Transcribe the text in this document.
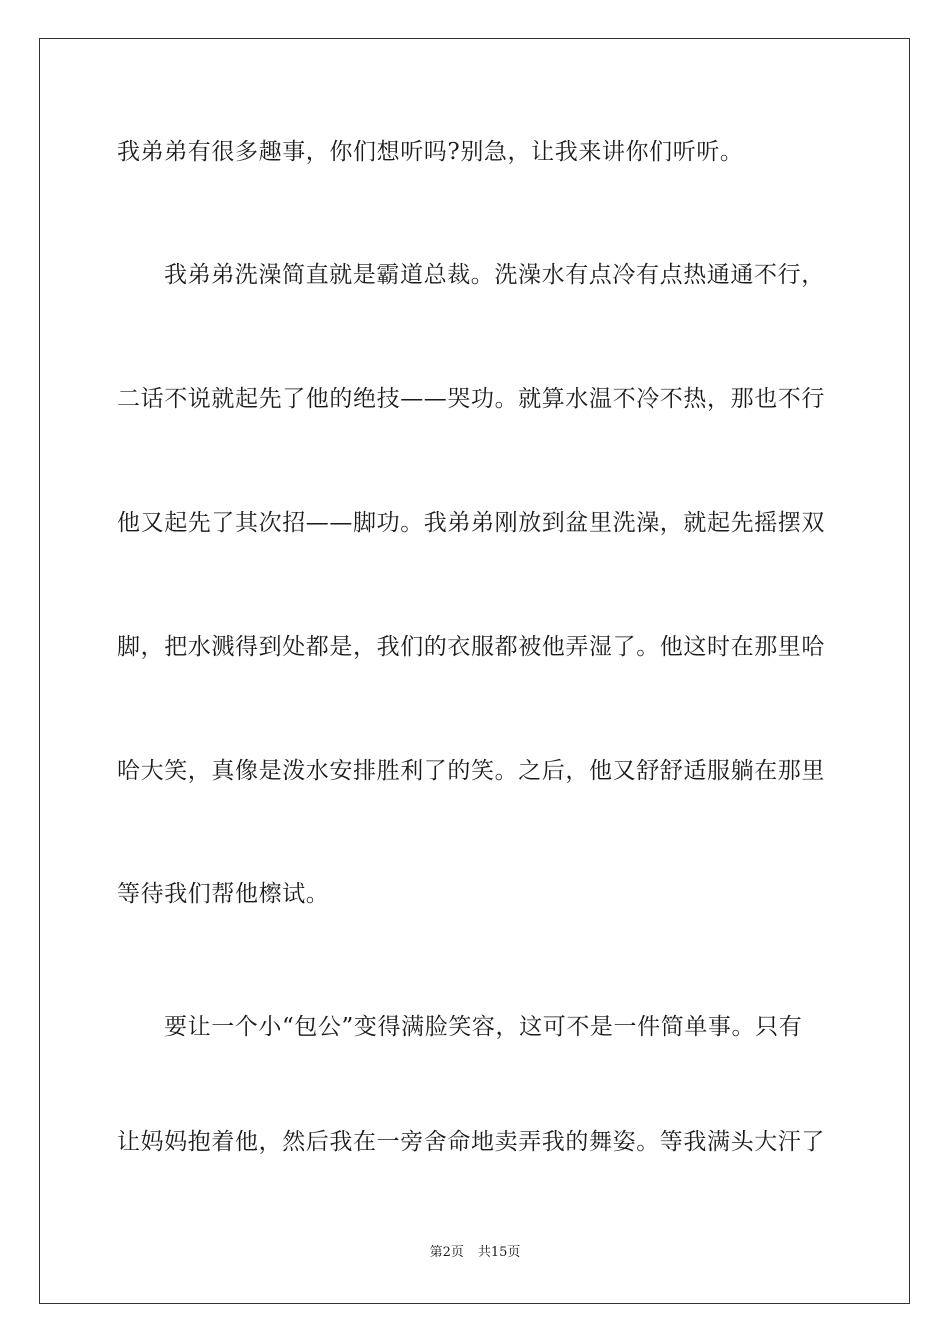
我弟弟有很多趣事，你们想听吗?别急，让我来讲你们听听。
我弟弟洗澡简直就是霸道总裁。洗澡水有点冷有点热通通不行，
二话不说就起先了他的绝技——哭功。就算水温不冷不热，那也不行
他又起先了其次招——脚功。我弟弟刚放到盆里洗澡，就起先摇摆双
脚，把水溅得到处都是，我们的衣服都被他弄湿了。他这时在那里哈
哈大笑，真像是泼水安排胜利了的笑。之后，他又舒舒适服躺在那里
等待我们帮他檫试。
要让一个小“包公”变得满脸笑容，这可不是一件简单事。只有
让妈妈抱着他，然后我在一旁舍命地卖弄我的舞姿。等我满头大汗了
第2页 共15页
